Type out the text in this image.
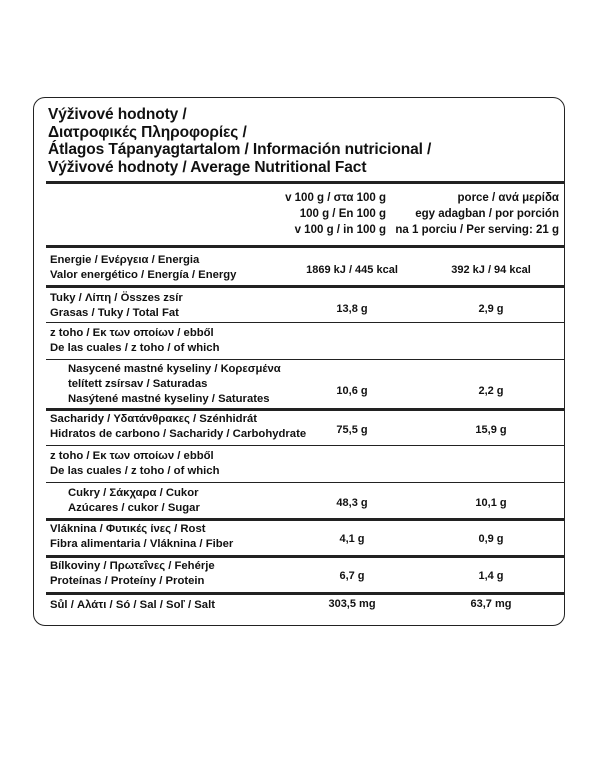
Výživové hodnoty /
Διατροφικές Πληροφορίες /
Átlagos Tápanyagtartalom / Información nutricional /
Výživové hodnoty / Average Nutritional Fact
v 100 g / στα 100 g
100 g / En 100 g
v 100 g / in 100 g
porce / ανά μερίδα
egy adagban / por porción
na 1 porciu / Per serving: 21 g
Energie / Ενέργεια / Energia
Valor energético / Energía / Energy	1869 kJ / 445 kcal	392 kJ / 94 kcal
Tuky / Λίπη / Összes zsír
Grasas / Tuky / Total Fat	13,8 g	2,9 g
z toho / Εκ των οποίων / ebből
De las cuales / z toho / of which
Nasycené mastné kyseliny / Κορεσμένα
telített zsírsav / Saturadas
Nasýtené mastné kyseliny / Saturates
10,6 g	2,2 g
Sacharidy / Υδατάνθρακες / Szénhidrát
Hidratos de carbono / Sacharidy / Carbohydrate	75,5 g	15,9 g
z toho / Εκ των οποίων / ebből
De las cuales / z toho / of which
Cukry / Σάκχαρα / Cukor
Azúcares / cukor / Sugar	48,3 g	10,1 g
Vláknina / Φυτικές ίνες / Rost
Fibra alimentaria / Vláknina / Fiber	4,1 g	0,9 g
Bílkoviny / Πρωτεΐνες / Fehérje
Proteínas / Proteíny / Protein	6,7 g	1,4 g
Sůl / Αλάτι / Só / Sal / Soľ / Salt	303,5 mg	63,7 mg
